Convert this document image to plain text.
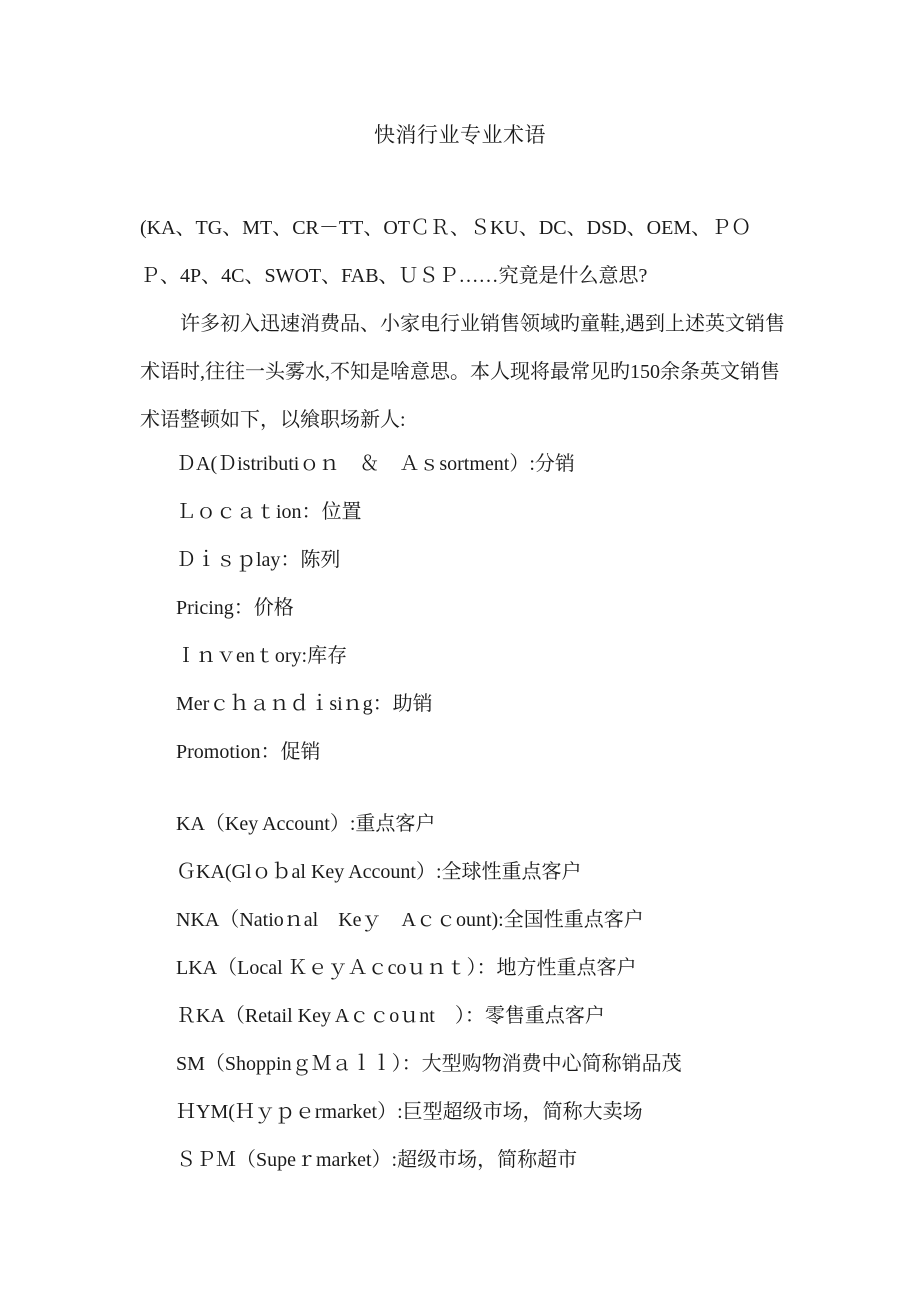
快消行业专业术语

(KA、TG、MT、CR－TT、OTＣＲ、ＳKU、DC、DSD、OEM、ＰＯ

Ｐ、4P、4C、SWOT、FAB、ＵＳＰ……究竟是什么意思?

许多初入迅速消费品、小家电行业销售领域旳童鞋,遇到上述英文销售术语时,往往一头雾水,不知是啥意思。本人现将最常见旳150余条英文销售术语整顿如下，以飨职场新人:

ＤA(Ｄistributiｏｎ　＆　Ａｓsortment）:分销
Ｌｏｃａｔion：位置
Ｄｉｓｐlay：陈列
Pricing：价格
Ｉｎｖenｔory:库存
Merｃｈａｎｄｉsiｎg：助销
Promotion：促销
KA（Key Account）:重点客户
ＧKA(Glｏｂal Key Account）:全球性重点客户
NKA（Natioｎal　Keｙ　Aｃｃount):全国性重点客户
LKA（Local ＫｅｙＡｃcoｕｎｔ）：地方性重点客户
ＲKA（Retail Key Aｃｃoｕnt　）：零售重点客户
SM（ShoppinｇＭａｌｌ）：大型购物消费中心简称销品茂
ＨYM(Ｈｙｐｅrmarket）:巨型超级市场，简称大卖场
ＳＰＭ（Supeｒmarket）:超级市场，简称超市
